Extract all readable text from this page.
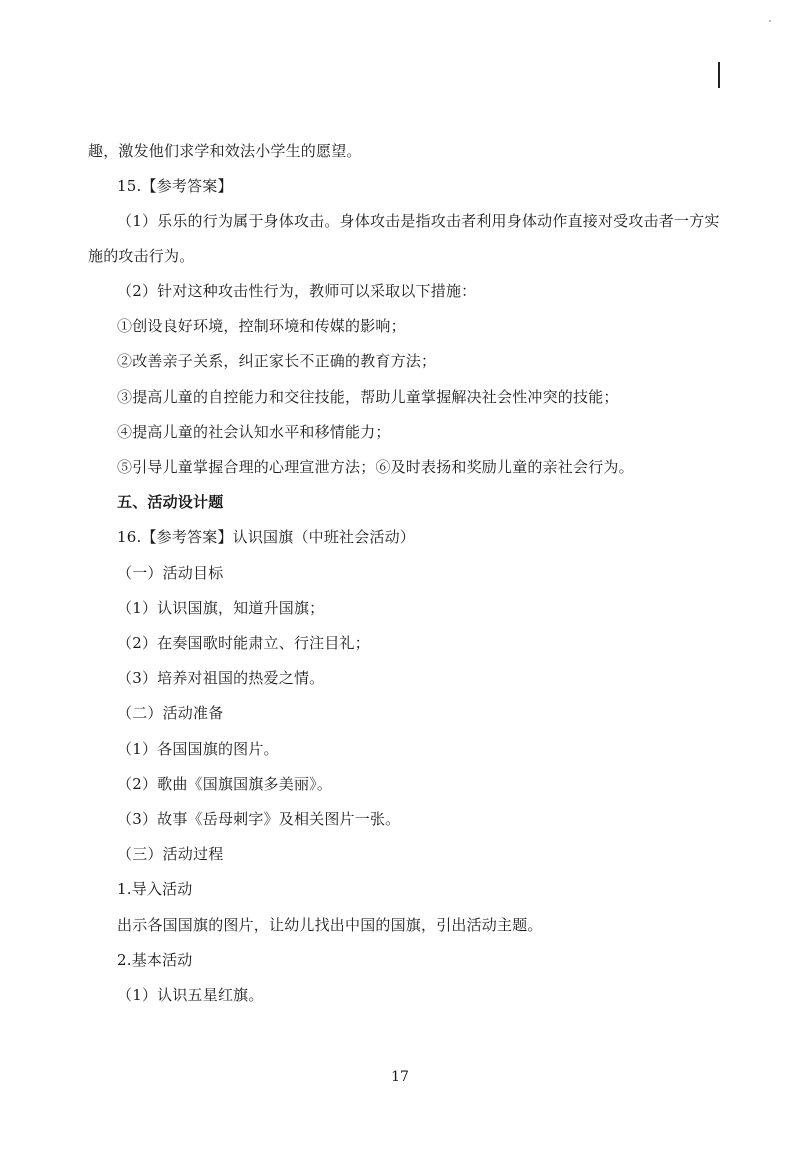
趣，激发他们求学和效法小学生的愿望。
15.【参考答案】
（1）乐乐的行为属于身体攻击。身体攻击是指攻击者利用身体动作直接对受攻击者一方实
施的攻击行为。
（2）针对这种攻击性行为，教师可以采取以下措施：
①创设良好环境，控制环境和传媒的影响；
②改善亲子关系，纠正家长不正确的教育方法；
③提高儿童的自控能力和交往技能，帮助儿童掌握解决社会性冲突的技能；
④提高儿童的社会认知水平和移情能力；
⑤引导儿童掌握合理的心理宣泄方法；⑥及时表扬和奖励儿童的亲社会行为。
五、活动设计题
16.【参考答案】认识国旗（中班社会活动）
（一）活动目标
（1）认识国旗，知道升国旗；
（2）在奏国歌时能肃立、行注目礼；
（3）培养对祖国的热爱之情。
（二）活动准备
（1）各国国旗的图片。
（2）歌曲《国旗国旗多美丽》。
（3）故事《岳母刺字》及相关图片一张。
（三）活动过程
1.导入活动
出示各国国旗的图片，让幼儿找出中国的国旗，引出活动主题。
2.基本活动
（1）认识五星红旗。
17
